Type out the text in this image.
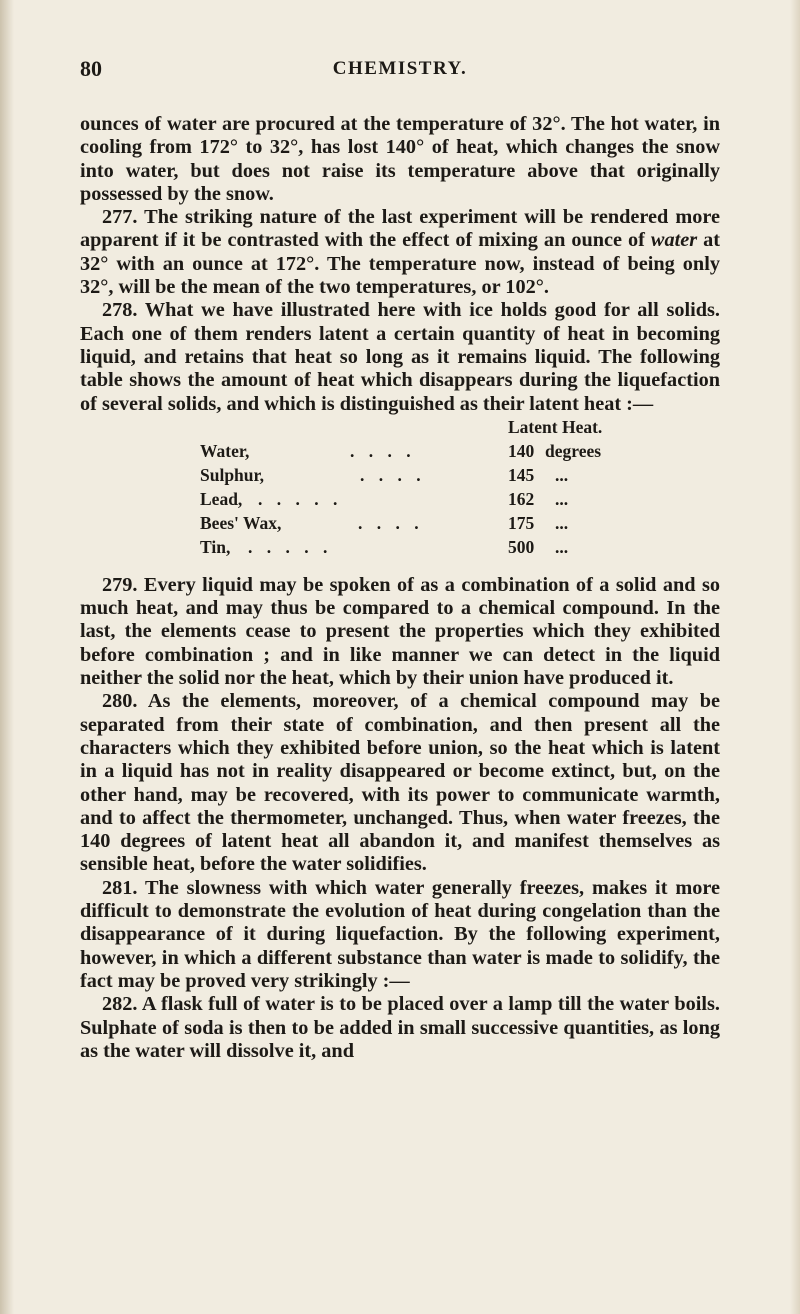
80	CHEMISTRY.

ounces of water are procured at the temperature of 32°. The hot water, in cooling from 172° to 32°, has lost 140° of heat, which changes the snow into water, but does not raise its temperature above that originally possessed by the snow.

277. The striking nature of the last experiment will be rendered more apparent if it be contrasted with the effect of mixing an ounce of water at 32° with an ounce at 172°. The temperature now, instead of being only 32°, will be the mean of the two temperatures, or 102°.

278. What we have illustrated here with ice holds good for all solids. Each one of them renders latent a certain quantity of heat in becoming liquid, and retains that heat so long as it remains liquid. The following table shows the amount of heat which disappears during the liquefaction of several solids, and which is distinguished as their latent heat :—

Latent Heat.
Water,	. . . .	140 degrees
Sulphur,	. . . .	145 ...
Lead, . . . . .	162 ...
Bees' Wax,	. . . .	175 ...
Tin, . . . . .	500 ...

279. Every liquid may be spoken of as a combination of a solid and so much heat, and may thus be compared to a chemical compound. In the last, the elements cease to present the properties which they exhibited before combination ; and in like manner we can detect in the liquid neither the solid nor the heat, which by their union have produced it.

280. As the elements, moreover, of a chemical compound may be separated from their state of combination, and then present all the characters which they exhibited before union, so the heat which is latent in a liquid has not in reality disappeared or become extinct, but, on the other hand, may be recovered, with its power to communicate warmth, and to affect the thermometer, unchanged. Thus, when water freezes, the 140 degrees of latent heat all abandon it, and manifest themselves as sensible heat, before the water solidifies.

281. The slowness with which water generally freezes, makes it more difficult to demonstrate the evolution of heat during congelation than the disappearance of it during liquefaction. By the following experiment, however, in which a different substance than water is made to solidify, the fact may be proved very strikingly :—

282. A flask full of water is to be placed over a lamp till the water boils. Sulphate of soda is then to be added in small successive quantities, as long as the water will dissolve it, and
